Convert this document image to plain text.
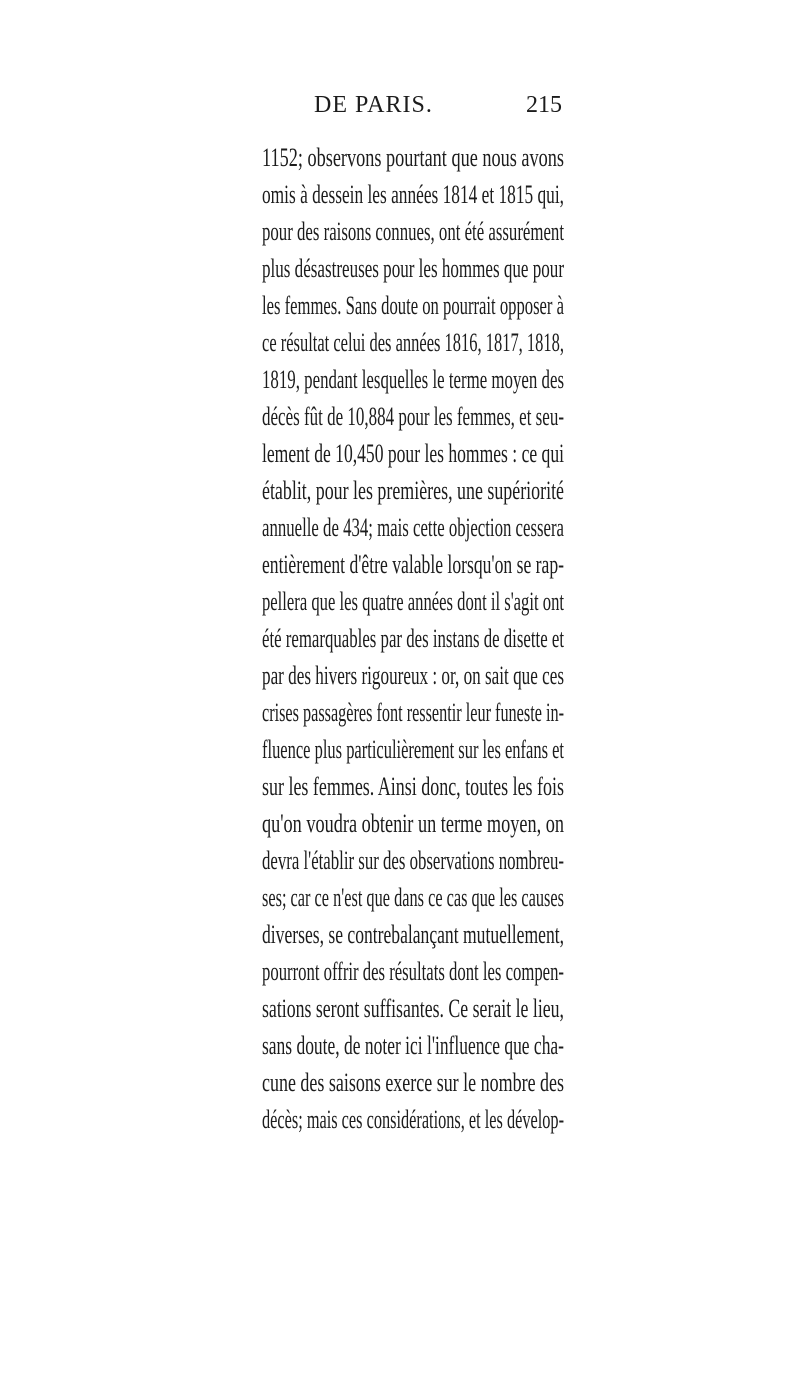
DE PARIS.	215
1152; observons pourtant que nous avons
omis à dessein les années 1814 et 1815 qui,
pour des raisons connues, ont été assurément
plus désastreuses pour les hommes que pour
les femmes. Sans doute on pourrait opposer à
ce résultat celui des années 1816, 1817, 1818,
1819, pendant lesquelles le terme moyen des
décès fût de 10,884 pour les femmes, et seu-
lement de 10,450 pour les hommes : ce qui
établit, pour les premières, une supériorité
annuelle de 434; mais cette objection cessera
entièrement d'être valable lorsqu'on se rap-
pellera que les quatre années dont il s'agit ont
été remarquables par des instans de disette et
par des hivers rigoureux : or, on sait que ces
crises passagères font ressentir leur funeste in-
fluence plus particulièrement sur les enfans et
sur les femmes. Ainsi donc, toutes les fois
qu'on voudra obtenir un terme moyen, on
devra l'établir sur des observations nombreu-
ses; car ce n'est que dans ce cas que les causes
diverses, se contrebalançant mutuellement,
pourront offrir des résultats dont les compen-
sations seront suffisantes. Ce serait le lieu,
sans doute, de noter ici l'influence que cha-
cune des saisons exerce sur le nombre des
décès; mais ces considérations, et les dévelop-
